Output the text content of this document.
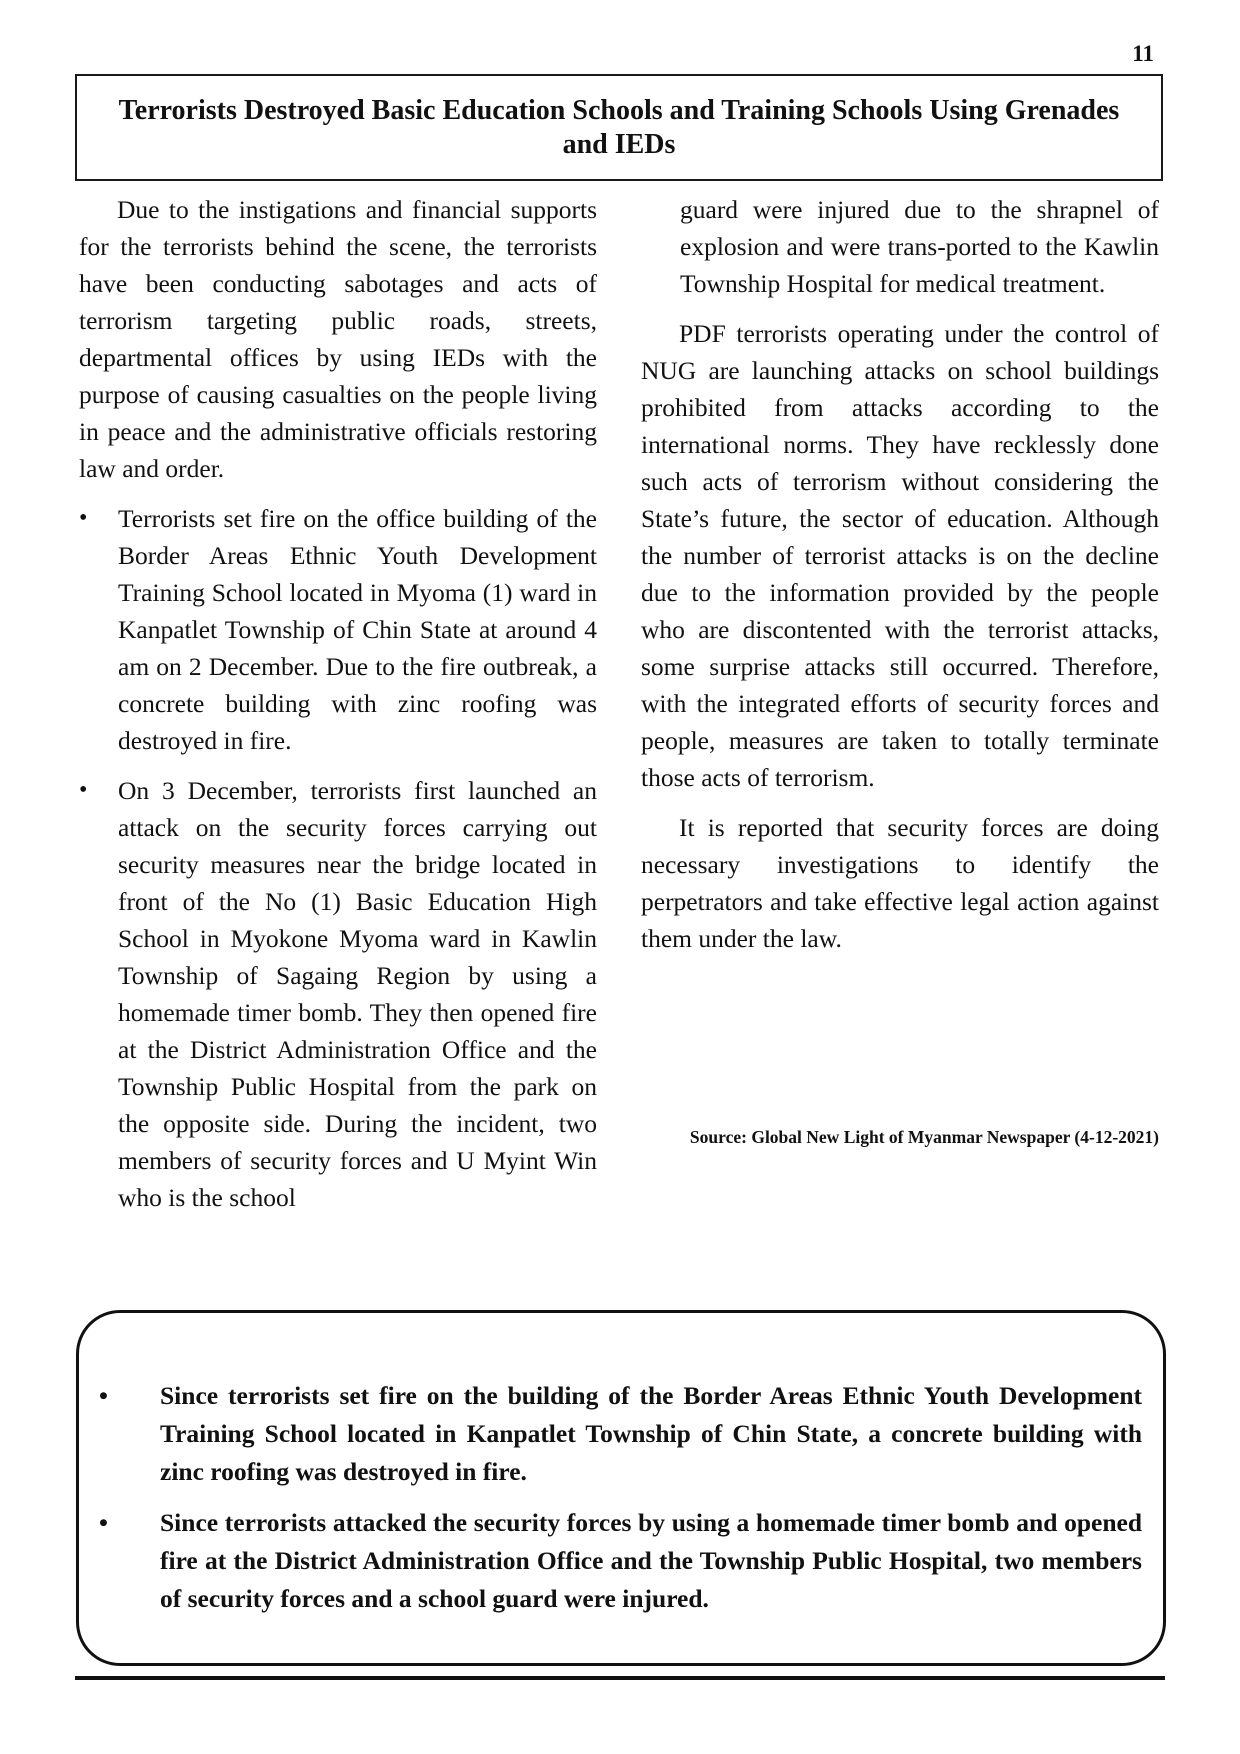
11
Terrorists Destroyed Basic Education Schools and Training Schools Using Grenades and IEDs

Due to the instigations and financial supports for the terrorists behind the scene, the terrorists have been conducting sabotages and acts of terrorism targeting public roads, streets, departmental offices by using IEDs with the purpose of causing casualties on the people living in peace and the administrative officials restoring law and order.

•	Terrorists set fire on the office building of the Border Areas Ethnic Youth Development Training School located in Myoma (1) ward in Kanpatlet Township of Chin State at around 4 am on 2 December. Due to the fire outbreak, a concrete building with zinc roofing was destroyed in fire.
•	On 3 December, terrorists first launched an attack on the security forces carrying out security measures near the bridge located in front of the No (1) Basic Education High School in Myokone Myoma ward in Kawlin Township of Sagaing Region by using a homemade timer bomb. They then opened fire at the District Administration Office and the Township Public Hospital from the park on the opposite side. During the incident, two members of security forces and U Myint Win who is the school

guard were injured due to the shrapnel of explosion and were trans-ported to the Kawlin Township Hospital for medical treatment.

PDF terrorists operating under the control of NUG are launching attacks on school buildings prohibited from attacks according to the international norms. They have recklessly done such acts of terrorism without considering the State’s future, the sector of education. Although the number of terrorist attacks is on the decline due to the information provided by the people who are discontented with the terrorist attacks, some surprise attacks still occurred. Therefore, with the integrated efforts of security forces and people, measures are taken to totally terminate those acts of terrorism.

It is reported that security forces are doing necessary investigations to identify the perpetrators and take effective legal action against them under the law.

Source: Global New Light of Myanmar Newspaper (4-12-2021)
•	Since terrorists set fire on the building of the Border Areas Ethnic Youth Development Training School located in Kanpatlet Township of Chin State, a concrete building with zinc roofing was destroyed in fire.
•	Since terrorists attacked the security forces by using a homemade timer bomb and opened fire at the District Administration Office and the Township Public Hospital, two members of security forces and a school guard were injured.
